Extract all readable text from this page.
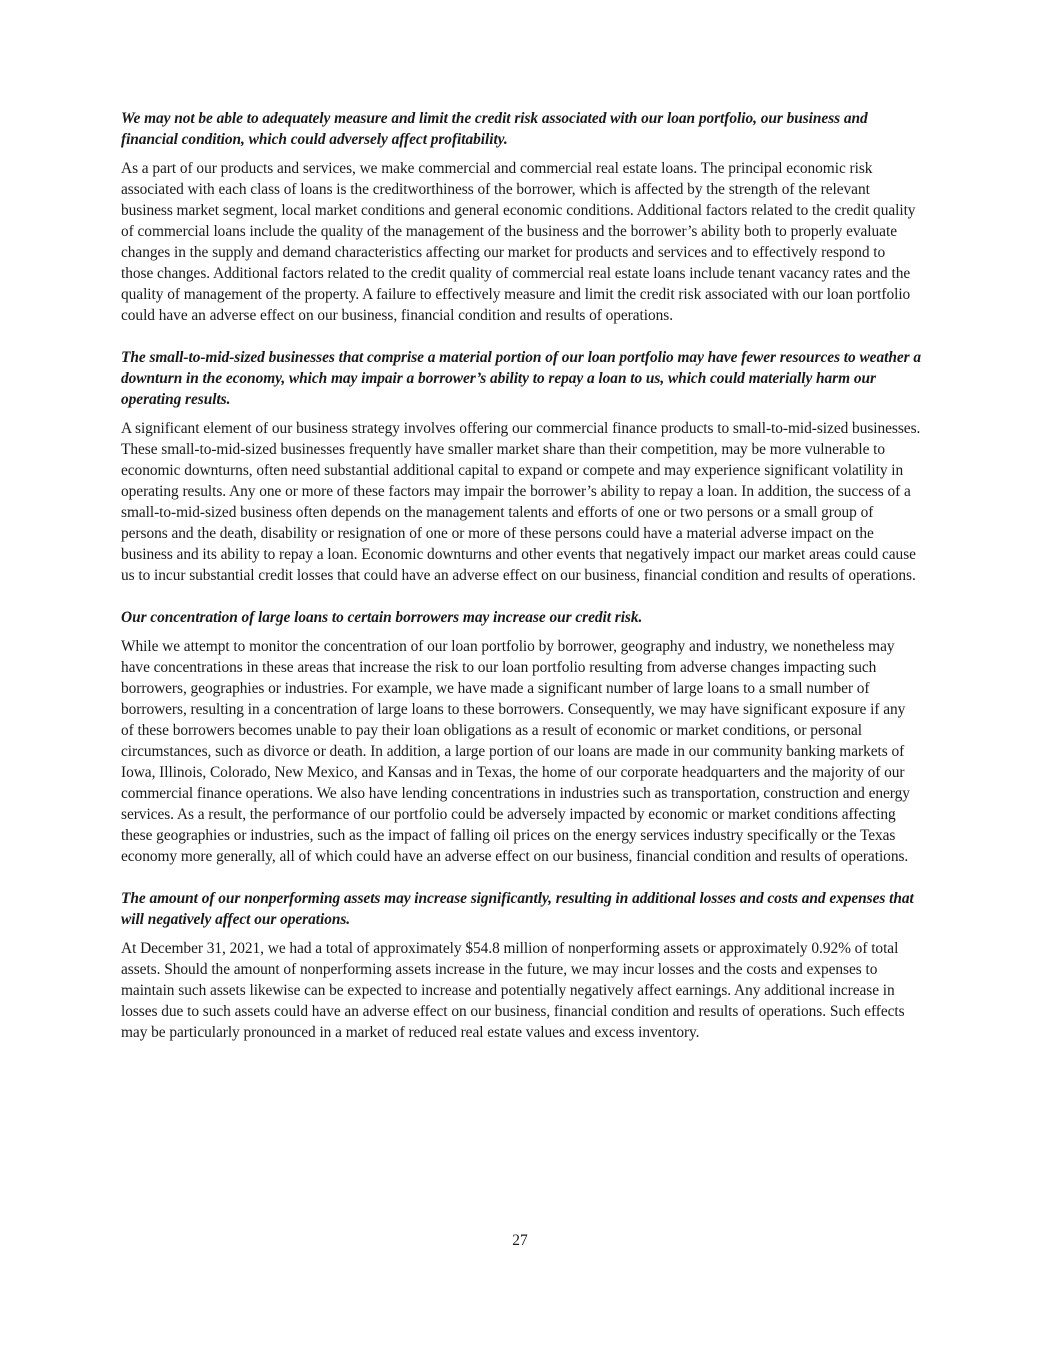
We may not be able to adequately measure and limit the credit risk associated with our loan portfolio, our business and financial condition, which could adversely affect profitability.

As a part of our products and services, we make commercial and commercial real estate loans. The principal economic risk associated with each class of loans is the creditworthiness of the borrower, which is affected by the strength of the relevant business market segment, local market conditions and general economic conditions. Additional factors related to the credit quality of commercial loans include the quality of the management of the business and the borrower’s ability both to properly evaluate changes in the supply and demand characteristics affecting our market for products and services and to effectively respond to those changes. Additional factors related to the credit quality of commercial real estate loans include tenant vacancy rates and the quality of management of the property. A failure to effectively measure and limit the credit risk associated with our loan portfolio could have an adverse effect on our business, financial condition and results of operations.

The small-to-mid-sized businesses that comprise a material portion of our loan portfolio may have fewer resources to weather a downturn in the economy, which may impair a borrower’s ability to repay a loan to us, which could materially harm our operating results.

A significant element of our business strategy involves offering our commercial finance products to small-to-mid-sized businesses. These small-to-mid-sized businesses frequently have smaller market share than their competition, may be more vulnerable to economic downturns, often need substantial additional capital to expand or compete and may experience significant volatility in operating results. Any one or more of these factors may impair the borrower’s ability to repay a loan. In addition, the success of a small-to-mid-sized business often depends on the management talents and efforts of one or two persons or a small group of persons and the death, disability or resignation of one or more of these persons could have a material adverse impact on the business and its ability to repay a loan. Economic downturns and other events that negatively impact our market areas could cause us to incur substantial credit losses that could have an adverse effect on our business, financial condition and results of operations.

Our concentration of large loans to certain borrowers may increase our credit risk.

While we attempt to monitor the concentration of our loan portfolio by borrower, geography and industry, we nonetheless may have concentrations in these areas that increase the risk to our loan portfolio resulting from adverse changes impacting such borrowers, geographies or industries. For example, we have made a significant number of large loans to a small number of borrowers, resulting in a concentration of large loans to these borrowers. Consequently, we may have significant exposure if any of these borrowers becomes unable to pay their loan obligations as a result of economic or market conditions, or personal circumstances, such as divorce or death. In addition, a large portion of our loans are made in our community banking markets of Iowa, Illinois, Colorado, New Mexico, and Kansas and in Texas, the home of our corporate headquarters and the majority of our commercial finance operations. We also have lending concentrations in industries such as transportation, construction and energy services. As a result, the performance of our portfolio could be adversely impacted by economic or market conditions affecting these geographies or industries, such as the impact of falling oil prices on the energy services industry specifically or the Texas economy more generally, all of which could have an adverse effect on our business, financial condition and results of operations.

The amount of our nonperforming assets may increase significantly, resulting in additional losses and costs and expenses that will negatively affect our operations.

At December 31, 2021, we had a total of approximately $54.8 million of nonperforming assets or approximately 0.92% of total assets. Should the amount of nonperforming assets increase in the future, we may incur losses and the costs and expenses to maintain such assets likewise can be expected to increase and potentially negatively affect earnings. Any additional increase in losses due to such assets could have an adverse effect on our business, financial condition and results of operations. Such effects may be particularly pronounced in a market of reduced real estate values and excess inventory.

27
